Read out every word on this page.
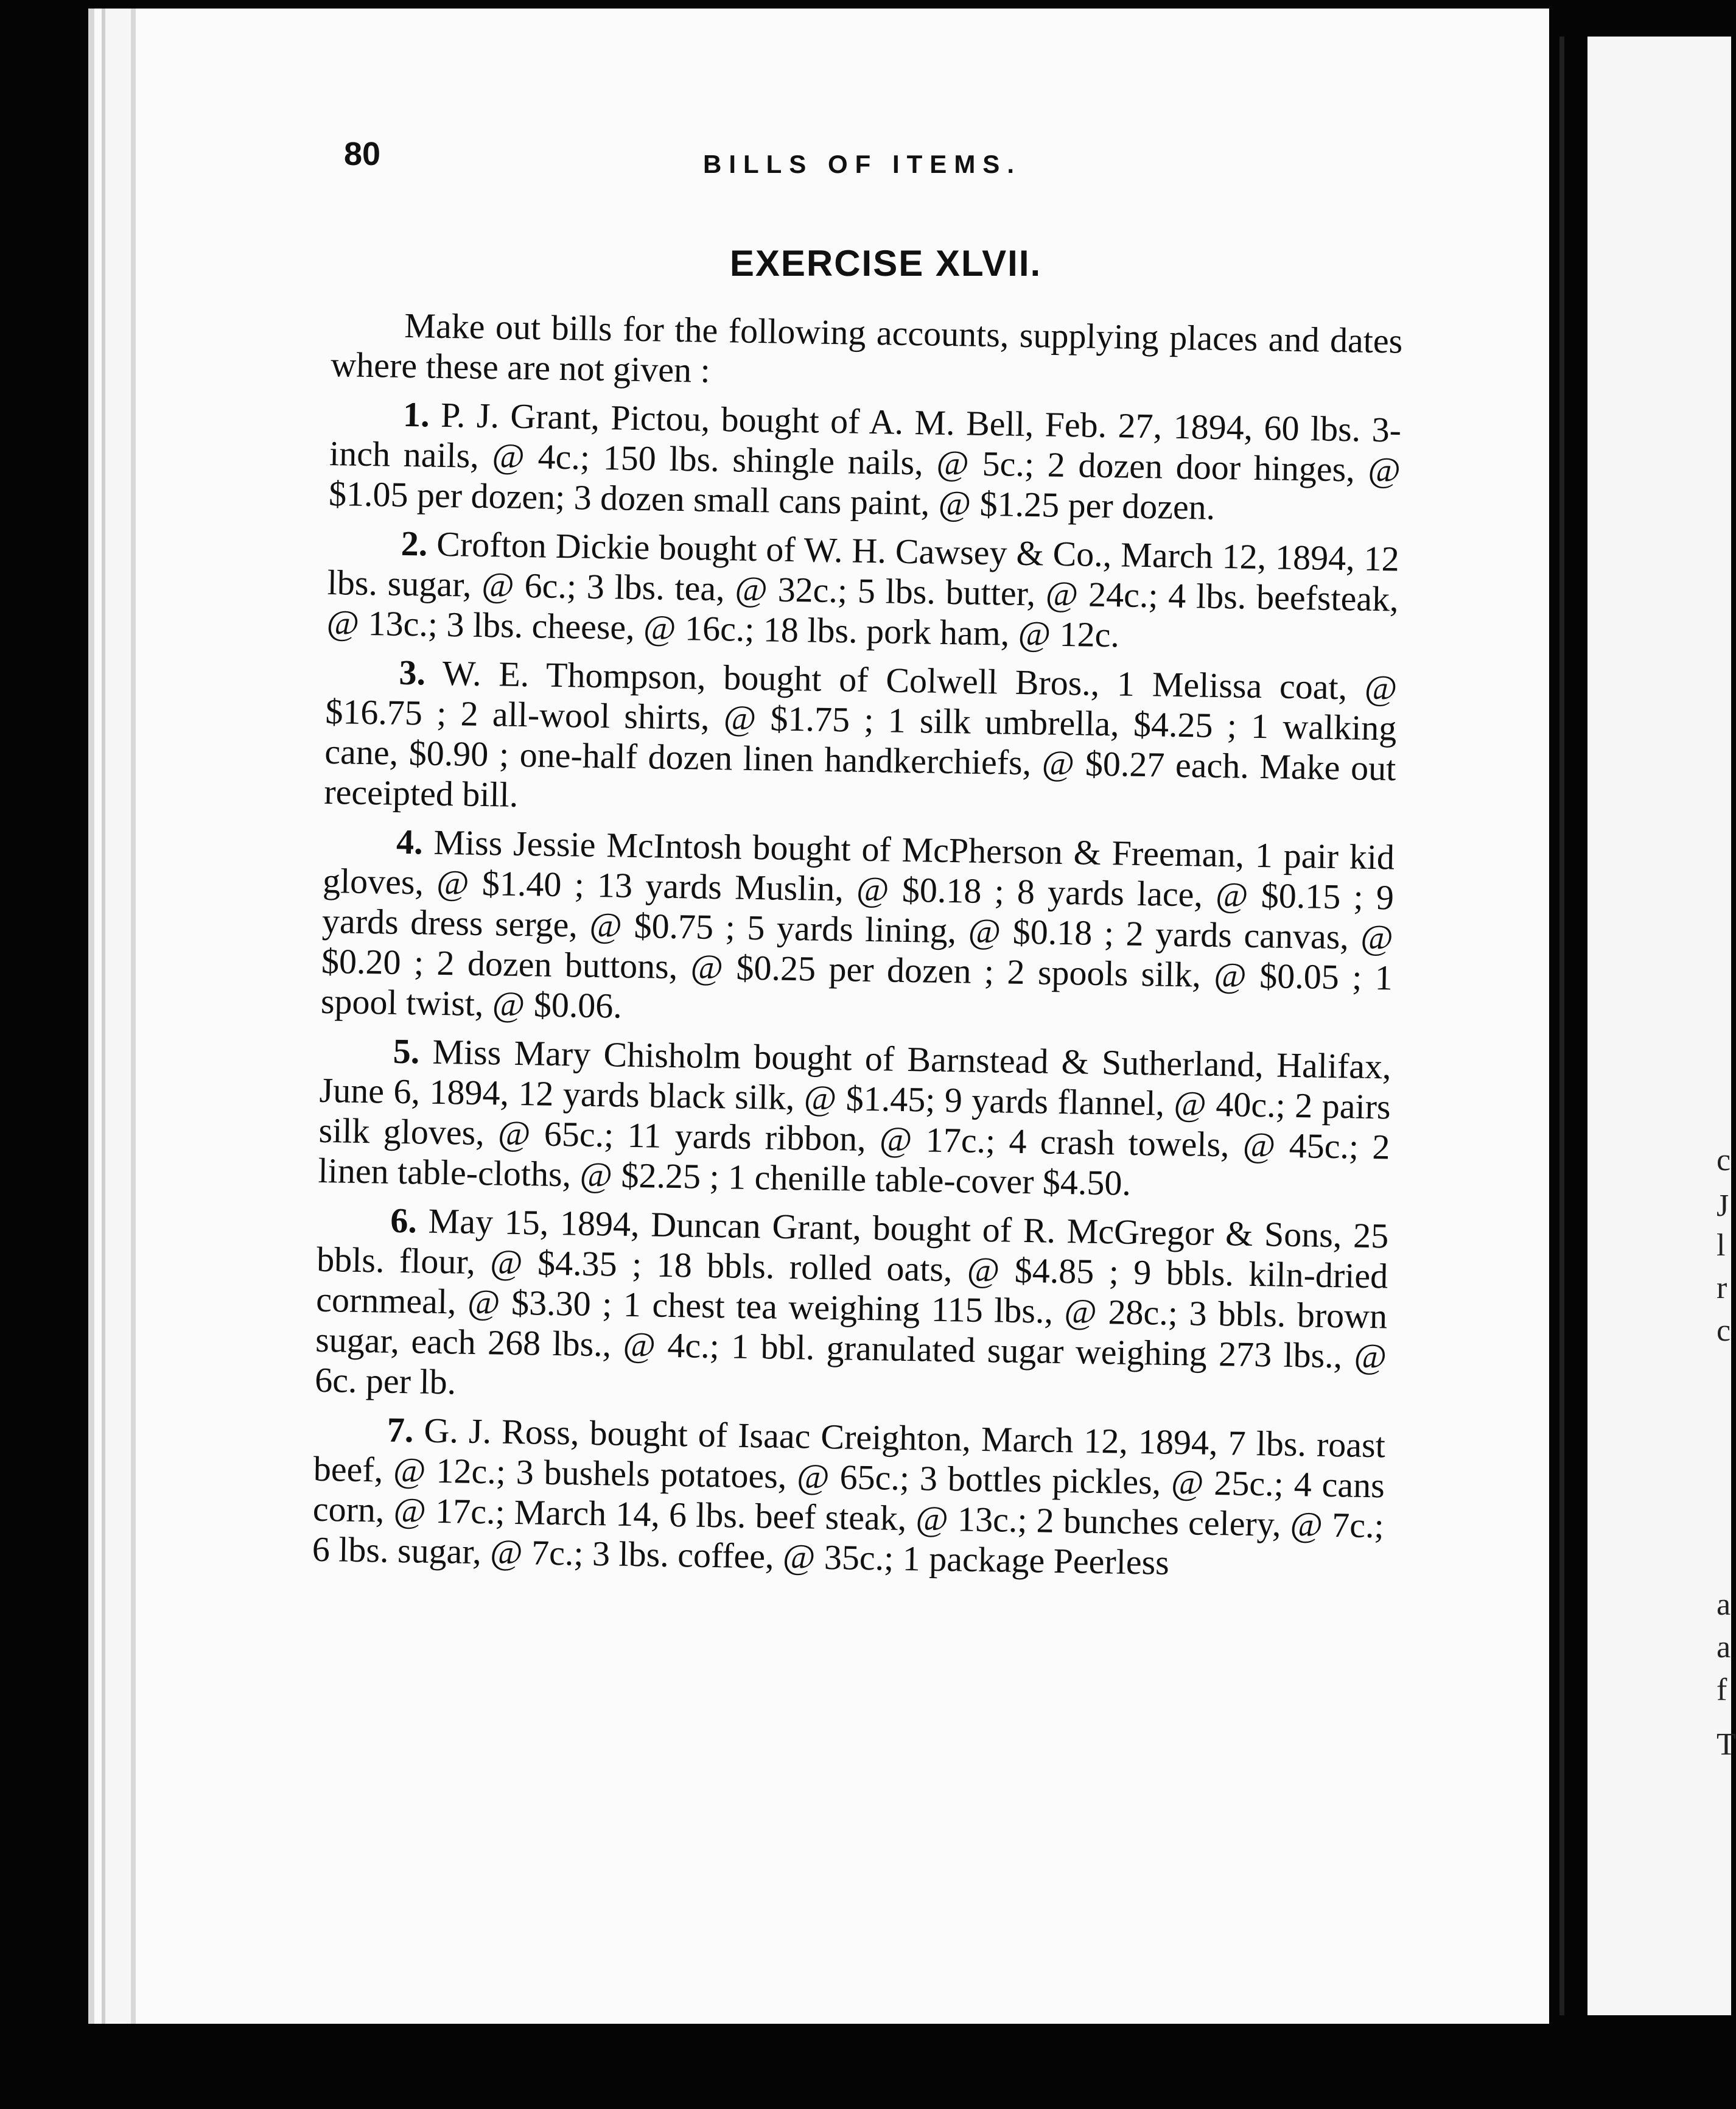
c
J
l
r
c
a
a
f
T
80	BILLS OF ITEMS.
EXERCISE XLVII.

Make out bills for the following accounts, supplying places and dates where these are not given :

1. P. J. Grant, Pictou, bought of A. M. Bell, Feb. 27, 1894, 60 lbs. 3-inch nails, @ 4c.; 150 lbs. shingle nails, @ 5c.; 2 dozen door hinges, @ $1.05 per dozen; 3 dozen small cans paint, @ $1.25 per dozen.

2. Crofton Dickie bought of W. H. Cawsey & Co., March 12, 1894, 12 lbs. sugar, @ 6c.; 3 lbs. tea, @ 32c.; 5 lbs. butter, @ 24c.; 4 lbs. beefsteak, @ 13c.; 3 lbs. cheese, @ 16c.; 18 lbs. pork ham, @ 12c.

3. W. E. Thompson, bought of Colwell Bros., 1 Melissa coat, @ $16.75 ; 2 all-wool shirts, @ $1.75 ; 1 silk umbrella, $4.25 ; 1 walking cane, $0.90 ; one-half dozen linen handkerchiefs, @ $0.27 each. Make out receipted bill.

4. Miss Jessie McIntosh bought of McPherson & Freeman, 1 pair kid gloves, @ $1.40 ; 13 yards Muslin, @ $0.18 ; 8 yards lace, @ $0.15 ; 9 yards dress serge, @ $0.75 ; 5 yards lining, @ $0.18 ; 2 yards canvas, @ $0.20 ; 2 dozen buttons, @ $0.25 per dozen ; 2 spools silk, @ $0.05 ; 1 spool twist, @ $0.06.

5. Miss Mary Chisholm bought of Barnstead & Sutherland, Halifax, June 6, 1894, 12 yards black silk, @ $1.45; 9 yards flannel, @ 40c.; 2 pairs silk gloves, @ 65c.; 11 yards ribbon, @ 17c.; 4 crash towels, @ 45c.; 2 linen table-cloths, @ $2.25 ; 1 chenille table-cover $4.50.

6. May 15, 1894, Duncan Grant, bought of R. McGregor & Sons, 25 bbls. flour, @ $4.35 ; 18 bbls. rolled oats, @ $4.85 ; 9 bbls. kiln-dried cornmeal, @ $3.30 ; 1 chest tea weighing 115 lbs., @ 28c.; 3 bbls. brown sugar, each 268 lbs., @ 4c.; 1 bbl. granulated sugar weighing 273 lbs., @ 6c. per lb.

7. G. J. Ross, bought of Isaac Creighton, March 12, 1894, 7 lbs. roast beef, @ 12c.; 3 bushels potatoes, @ 65c.; 3 bottles pickles, @ 25c.; 4 cans corn, @ 17c.; March 14, 6 lbs. beef steak, @ 13c.; 2 bunches celery, @ 7c.; 6 lbs. sugar, @ 7c.; 3 lbs. coffee, @ 35c.; 1 package Peerless
